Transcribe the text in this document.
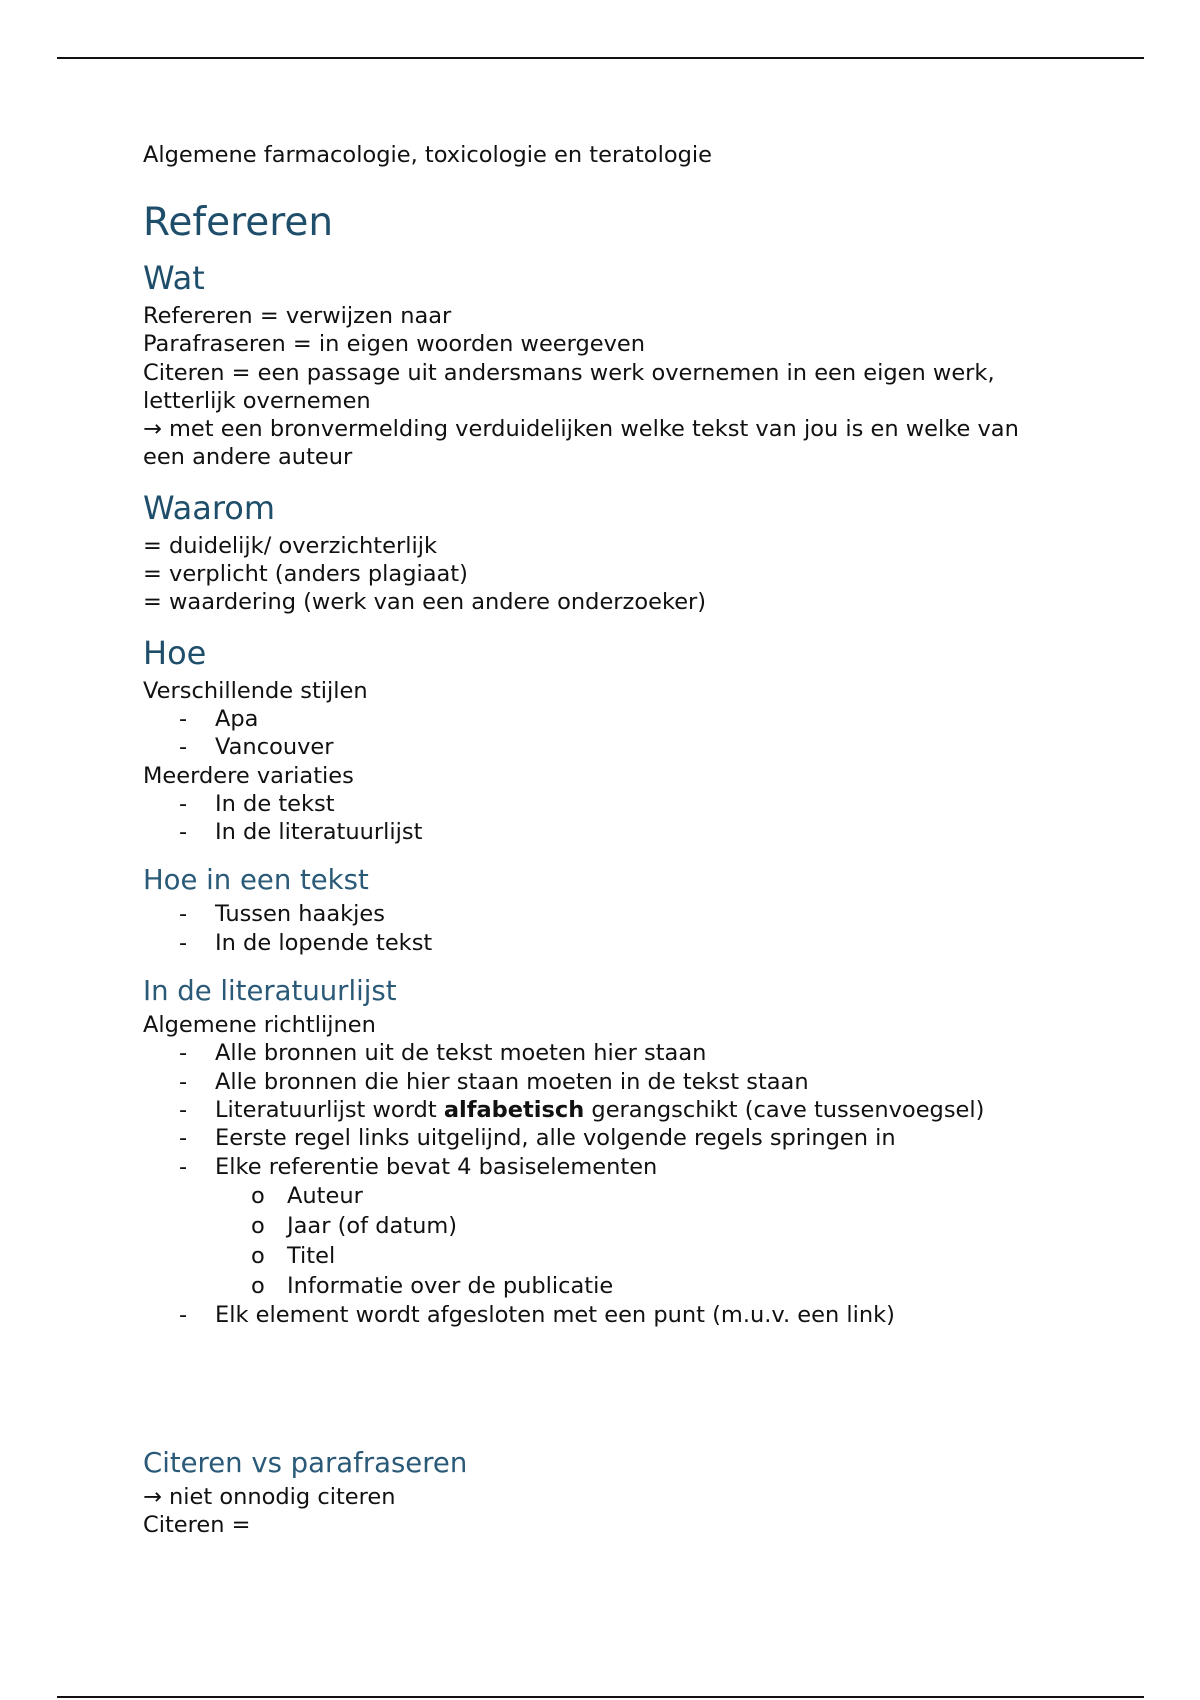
Algemene farmacologie, toxicologie en teratologie
Refereren
Wat

Refereren = verwijzen naar

Parafraseren = in eigen woorden weergeven

Citeren = een passage uit andersmans werk overnemen in een eigen werk, letterlijk overnemen

→ met een bronvermelding verduidelijken welke tekst van jou is en welke van een andere auteur

Waarom

= duidelijk/ overzichterlijk

= verplicht (anders plagiaat)

= waardering (werk van een andere onderzoeker)

Hoe

Verschillende stijlen

- Apa
- Vancouver

Meerdere variaties

- In de tekst
- In de literatuurlijst
Hoe in een tekst
- Tussen haakjes
- In de lopende tekst
In de literatuurlijst

Algemene richtlijnen

- Alle bronnen uit de tekst moeten hier staan
- Alle bronnen die hier staan moeten in de tekst staan
- Literatuurlijst wordt alfabetisch gerangschikt (cave tussenvoegsel)
- Eerste regel links uitgelijnd, alle volgende regels springen in
- Elke referentie bevat 4 basiselementen
o Auteur
o Jaar (of datum)
o Titel
o Informatie over de publicatie
- Elk element wordt afgesloten met een punt (m.u.v. een link)
Citeren vs parafraseren

→ niet onnodig citeren

Citeren =
